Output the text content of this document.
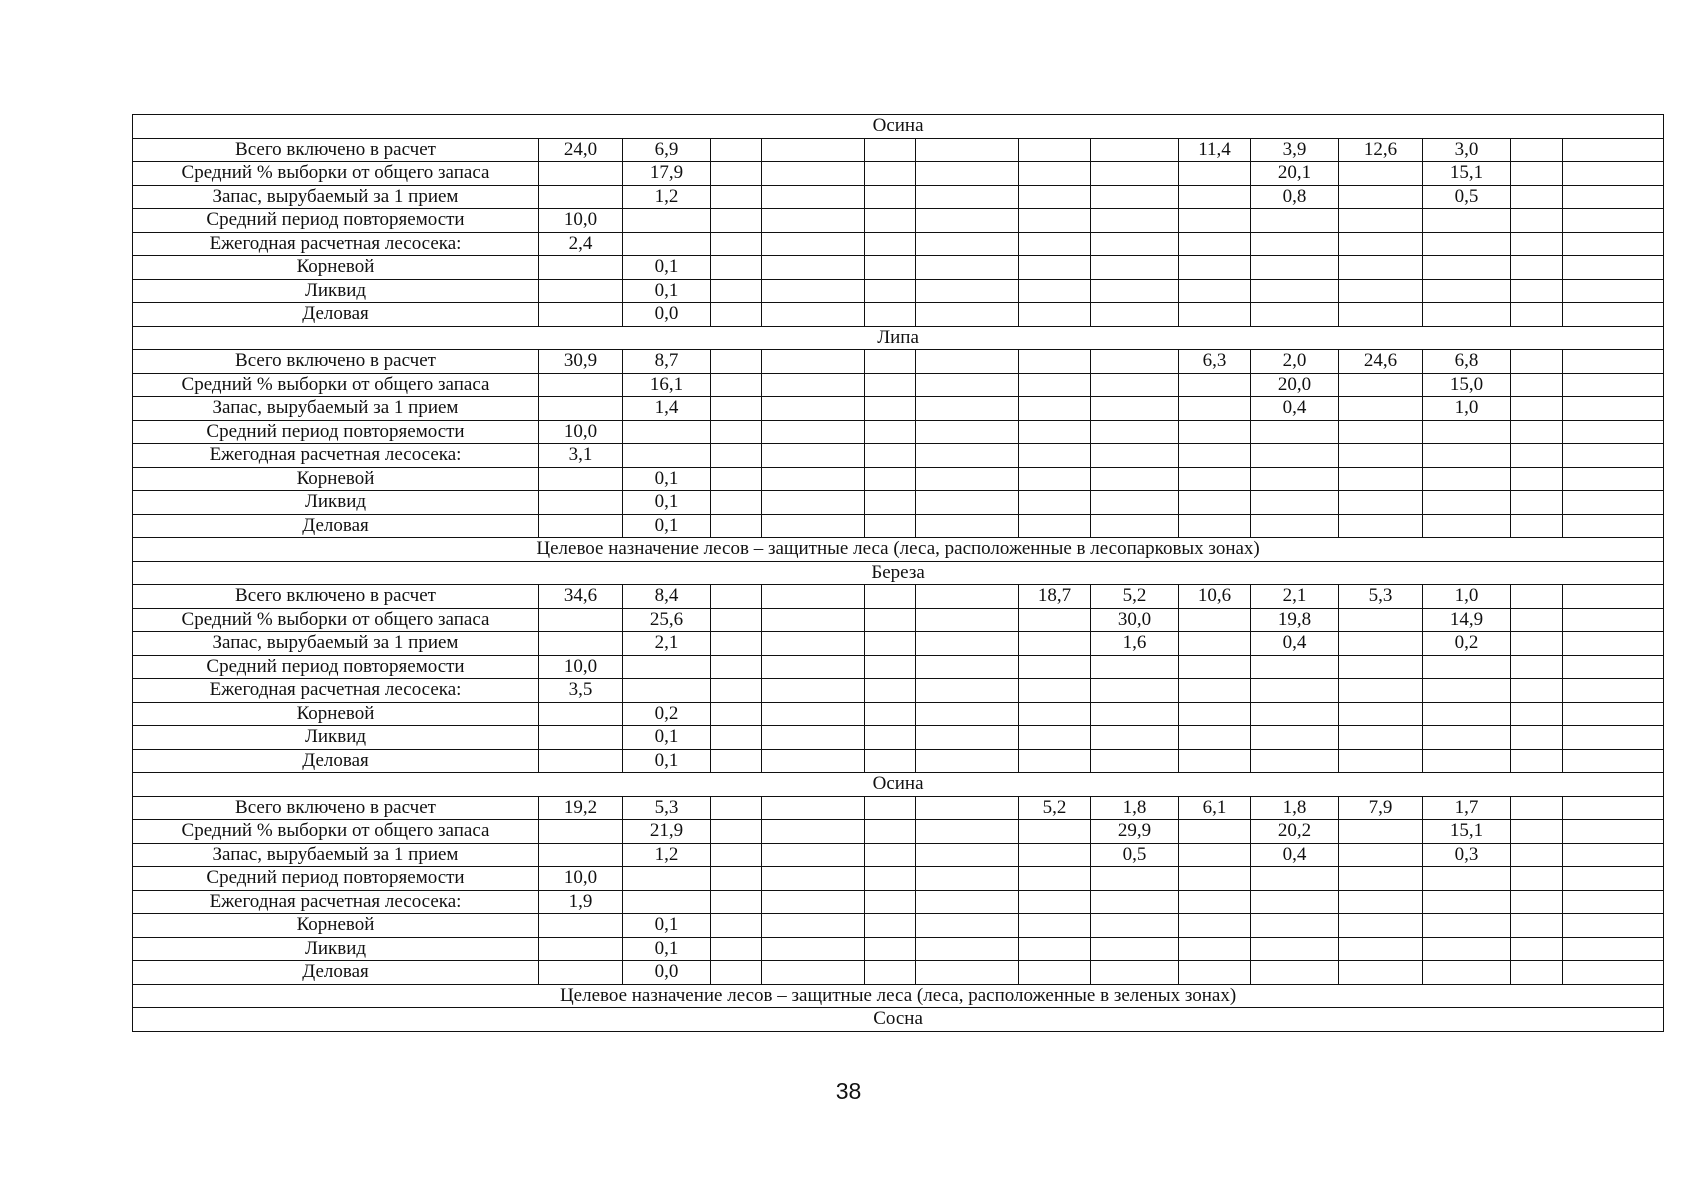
Осина														
Всего включено в расчет	24,0	6,9							11,4	3,9	12,6	3,0		
Средний % выборки от общего запаса		17,9								20,1		15,1		
Запас, вырубаемый за 1 прием		1,2								0,8		0,5		
Средний период повторяемости	10,0													
Ежегодная расчетная лесосека:	2,4													
Корневой		0,1												
Ликвид		0,1												
Деловая		0,0												
Липа														
Всего включено в расчет	30,9	8,7							6,3	2,0	24,6	6,8		
Средний % выборки от общего запаса		16,1								20,0		15,0		
Запас, вырубаемый за 1 прием		1,4								0,4		1,0		
Средний период повторяемости	10,0													
Ежегодная расчетная лесосека:	3,1													
Корневой		0,1												
Ликвид		0,1												
Деловая		0,1												
Целевое назначение лесов – защитные леса (леса, расположенные в лесопарковых зонах)														
Береза														
Всего включено в расчет	34,6	8,4					18,7	5,2	10,6	2,1	5,3	1,0		
Средний % выборки от общего запаса		25,6						30,0		19,8		14,9		
Запас, вырубаемый за 1 прием		2,1						1,6		0,4		0,2		
Средний период повторяемости	10,0													
Ежегодная расчетная лесосека:	3,5													
Корневой		0,2												
Ликвид		0,1												
Деловая		0,1												
Осина														
Всего включено в расчет	19,2	5,3					5,2	1,8	6,1	1,8	7,9	1,7		
Средний % выборки от общего запаса		21,9						29,9		20,2		15,1		
Запас, вырубаемый за 1 прием		1,2						0,5		0,4		0,3		
Средний период повторяемости	10,0													
Ежегодная расчетная лесосека:	1,9													
Корневой		0,1												
Ликвид		0,1												
Деловая		0,0												
Целевое назначение лесов – защитные леса (леса, расположенные в зеленых зонах)														
Сосна														
38
